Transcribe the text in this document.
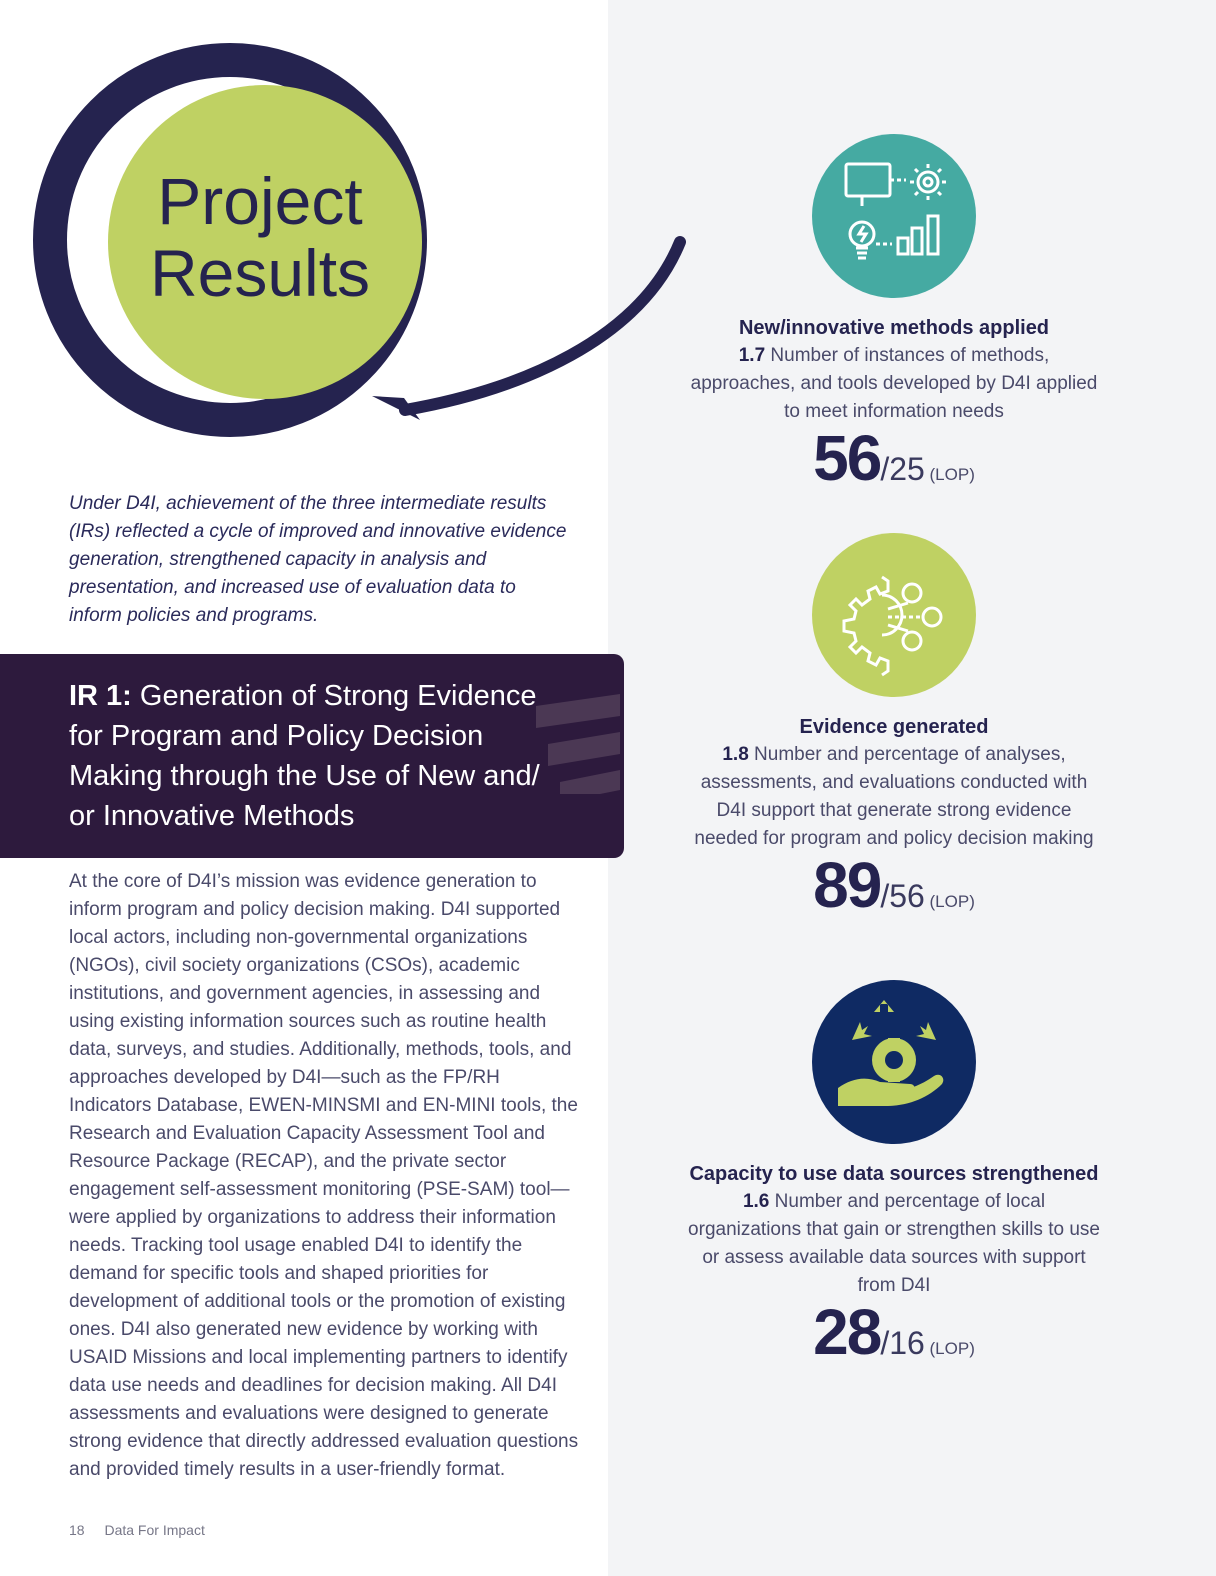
Project
Results

Under D4I, achievement of the three intermediate results (IRs) reflected a cycle of improved and innovative evidence generation, strengthened capacity in analysis and presentation, and increased use of evaluation data to inform policies and programs.

IR 1: Generation of Strong Evidence for Program and Policy Decision Making through the Use of New and/ or Innovative Methods

At the core of D4I’s mission was evidence generation to inform program and policy decision making. D4I supported local actors, including non-governmental organizations (NGOs), civil society organizations (CSOs), academic institutions, and government agencies, in assessing and using existing information sources such as routine health data, surveys, and studies. Additionally, methods, tools, and approaches developed by D4I—such as the FP/RH Indicators Database, EWEN-MINSMI and EN-MINI tools, the Research and Evaluation Capacity Assessment Tool and Resource Package (RECAP), and the private sector engagement self-assessment monitoring (PSE-SAM) tool—were applied by organizations to address their information needs. Tracking tool usage enabled D4I to identify the demand for specific tools and shaped priorities for development of additional tools or the promotion of existing ones. D4I also generated new evidence by working with USAID Missions and local implementing partners to identify data use needs and deadlines for decision making. All D4I assessments and evaluations were designed to generate strong evidence that directly addressed evaluation questions and provided timely results in a user-friendly format.

18 Data For Impact
New/innovative methods applied
1.7 Number of instances of methods, approaches, and tools developed by D4I applied to meet information needs
56/25 (LOP)
Evidence generated
1.8 Number and percentage of analyses, assessments, and evaluations conducted with D4I support that generate strong evidence needed for program and policy decision making
89/56 (LOP)
Capacity to use data sources strengthened
1.6 Number and percentage of local organizations that gain or strengthen skills to use or assess available data sources with support from D4I
28/16 (LOP)
